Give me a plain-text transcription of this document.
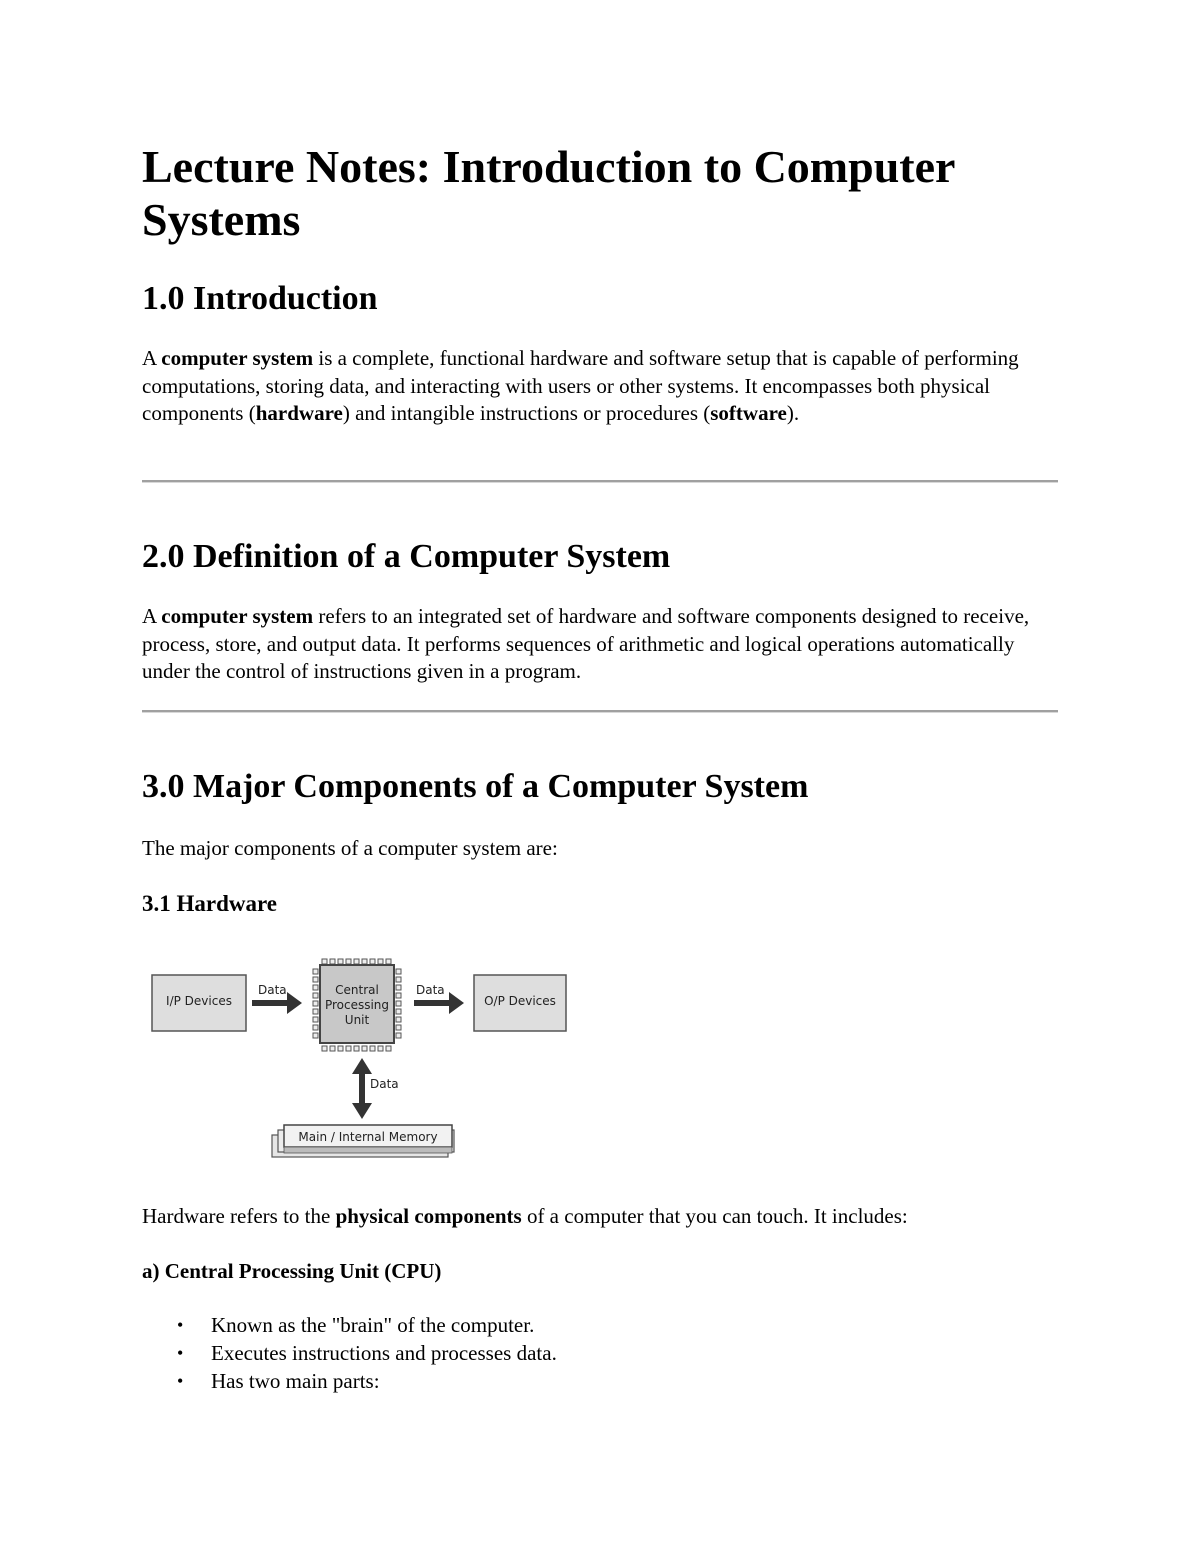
Lecture Notes: Introduction to Computer Systems
1.0 Introduction

A computer system is a complete, functional hardware and software setup that is capable of performing computations, storing data, and interacting with users or other systems. It encompasses both physical components (hardware) and intangible instructions or procedures (software).

2.0 Definition of a Computer System

A computer system refers to an integrated set of hardware and software components designed to receive, process, store, and output data. It performs sequences of arithmetic and logical operations automatically under the control of instructions given in a program.

3.0 Major Components of a Computer System

The major components of a computer system are:

3.1 Hardware
I/P Devices
Data	Central
Processing
Unit
Data
O/P Devices
Data
Main / Internal Memory

Hardware refers to the physical components of a computer that you can touch. It includes:

a) Central Processing Unit (CPU)
• Known as the "brain" of the computer.
• Executes instructions and processes data.
• Has two main parts:
